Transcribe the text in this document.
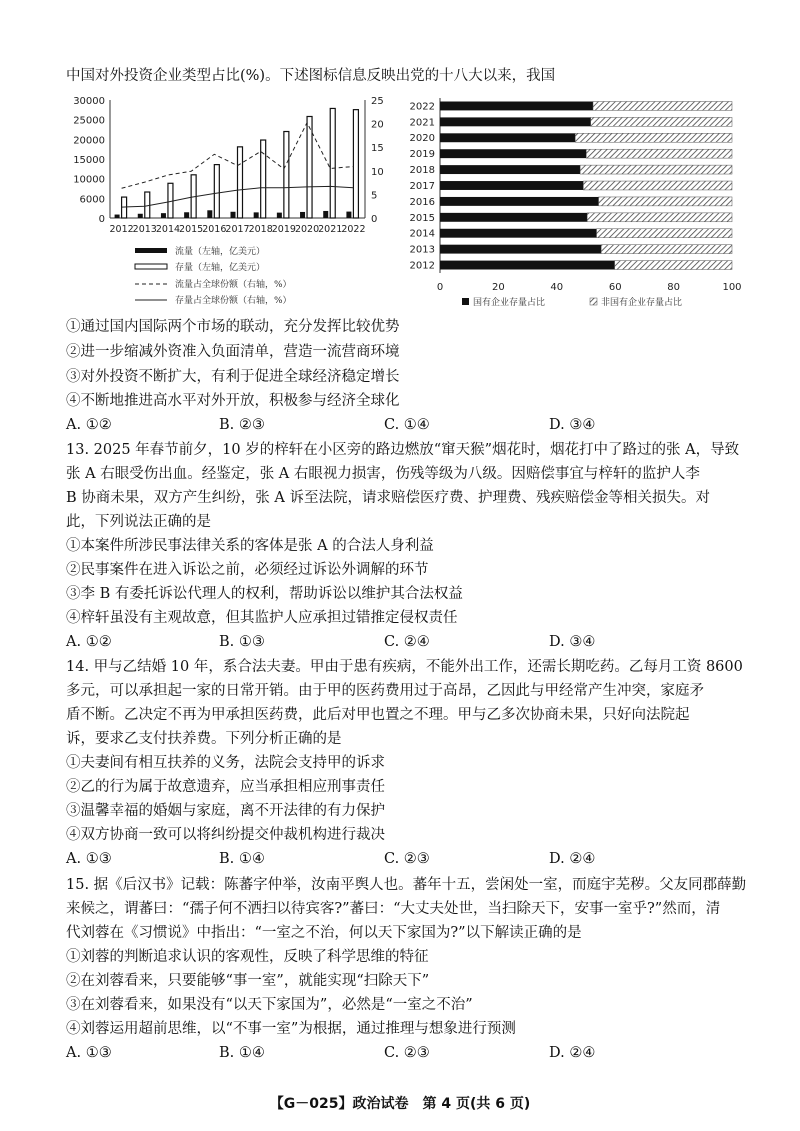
中国对外投资企业类型占比(%)。下述图标信息反映出党的十八大以来，我国
30000
25000
20000
15000
10000
6000
0
25
20
15
10
5
0
2012
2013
2014
2015
2016
2017
2018
2019
2020
2021
2022
流量（左轴，亿美元）
存量（左轴，亿美元）
流量占全球份额（右轴，%）
存量占全球份额（右轴，%）
2022
2021
2020
2019
2018
2017
2016
2015
2014
2013
2012
0	20	40	60	80	100
国有企业存量占比	非国有企业存量占比
①通过国内国际两个市场的联动，充分发挥比较优势
②进一步缩减外资准入负面清单，营造一流营商环境
③对外投资不断扩大，有利于促进全球经济稳定增长
④不断地推进高水平对外开放，积极参与经济全球化
A. ①②	B. ②③	C. ①④	D. ③④
13. 2025 年春节前夕，10 岁的梓轩在小区旁的路边燃放“窜天猴”烟花时，烟花打中了路过的张 A，导致
张 A 右眼受伤出血。经鉴定，张 A 右眼视力损害，伤残等级为八级。因赔偿事宜与梓轩的监护人李
B 协商未果，双方产生纠纷，张 A 诉至法院，请求赔偿医疗费、护理费、残疾赔偿金等相关损失。对
此，下列说法正确的是
①本案件所涉民事法律关系的客体是张 A 的合法人身利益
②民事案件在进入诉讼之前，必须经过诉讼外调解的环节
③李 B 有委托诉讼代理人的权利，帮助诉讼以维护其合法权益
④梓轩虽没有主观故意，但其监护人应承担过错推定侵权责任
A. ①②	B. ①③	C. ②④	D. ③④
14. 甲与乙结婚 10 年，系合法夫妻。甲由于患有疾病，不能外出工作，还需长期吃药。乙每月工资 8600
多元，可以承担起一家的日常开销。由于甲的医药费用过于高昂，乙因此与甲经常产生冲突，家庭矛
盾不断。乙决定不再为甲承担医药费，此后对甲也置之不理。甲与乙多次协商未果，只好向法院起
诉，要求乙支付扶养费。下列分析正确的是
①夫妻间有相互扶养的义务，法院会支持甲的诉求
②乙的行为属于故意遗弃，应当承担相应刑事责任
③温馨幸福的婚姻与家庭，离不开法律的有力保护
④双方协商一致可以将纠纷提交仲裁机构进行裁决
A. ①③	B. ①④	C. ②③	D. ②④
15. 据《后汉书》记载：陈蕃字仲举，汝南平舆人也。蕃年十五，尝闲处一室，而庭宇芜秽。父友同郡薛勤
来候之，谓蕃曰：“孺子何不洒扫以待宾客?”蕃曰：“大丈夫处世，当扫除天下，安事一室乎?”然而，清
代刘蓉在《习惯说》中指出：“一室之不治，何以天下家国为?”以下解读正确的是
①刘蓉的判断追求认识的客观性，反映了科学思维的特征
②在刘蓉看来，只要能够“事一室”，就能实现“扫除天下”
③在刘蓉看来，如果没有“以天下家国为”，必然是“一室之不治”
④刘蓉运用超前思维，以“不事一室”为根据，通过推理与想象进行预测
A. ①③	B. ①④	C. ②③	D. ②④
【G－025】政治试卷　第 4 页(共 6 页)
